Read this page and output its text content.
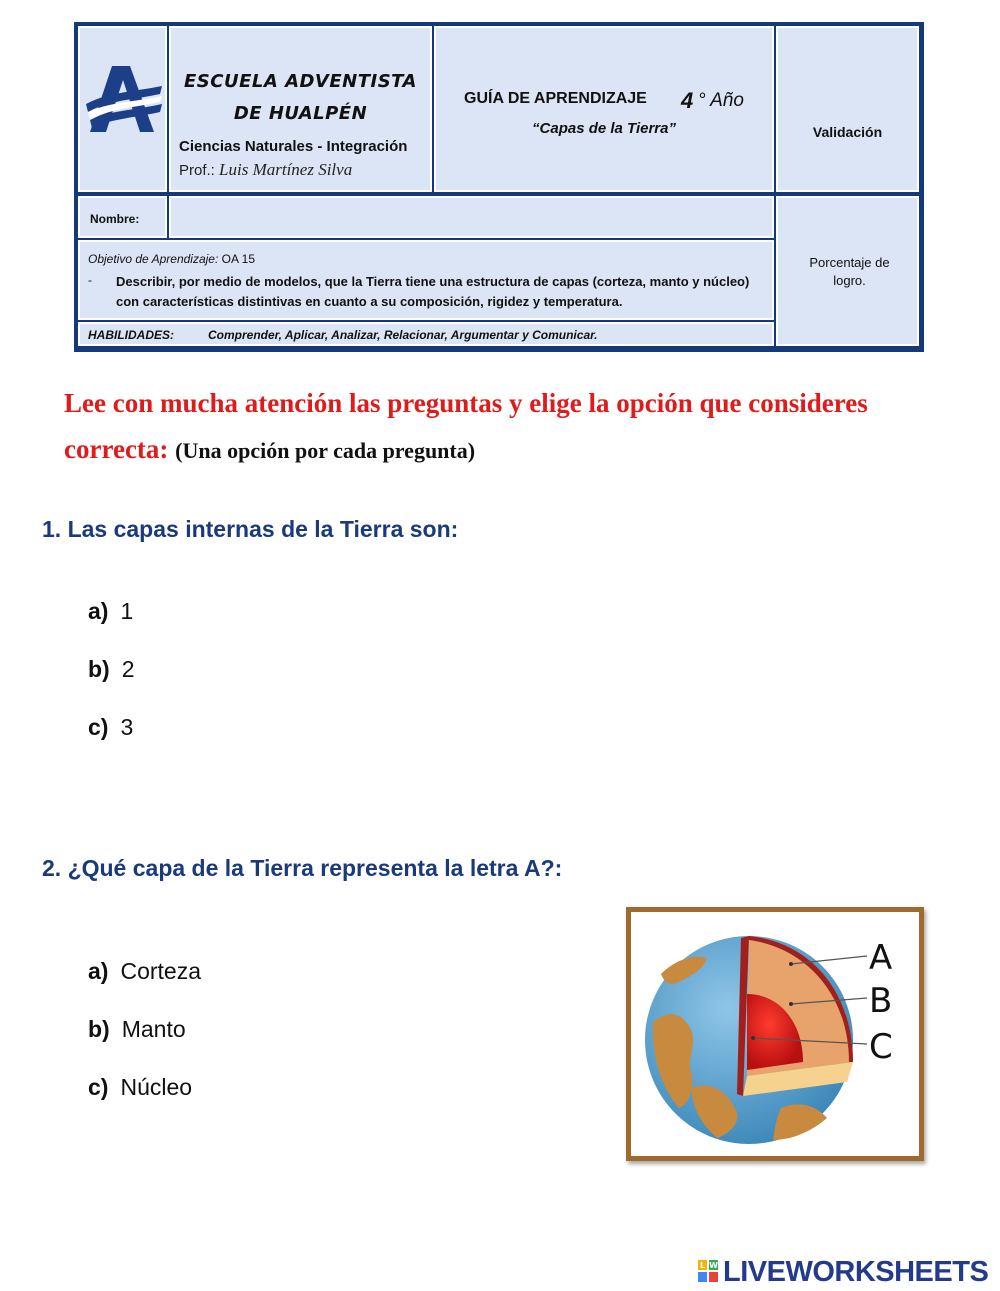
ESCUELA ADVENTISTA
DE HUALPÉN
Ciencias Naturales - Integración
Prof.: Luis Martínez Silva
GUÍA DE APRENDIZAJE 4 ° Año
“Capas de la Tierra”	Validación
Nombre:
Porcentaje de
logro.
Objetivo de Aprendizaje: OA 15
- Describir, por medio de modelos, que la Tierra tiene una estructura de capas (corteza, manto y núcleo) con características distintivas en cuanto a su composición, rigidez y temperatura.
HABILIDADES:	Comprender, Aplicar, Analizar, Relacionar, Argumentar y Comunicar.
Lee con mucha atención las preguntas y elige la opción que consideres correcta: (Una opción por cada pregunta)
1. Las capas internas de la Tierra son:
a) 1
b) 2
c) 3
2. ¿Qué capa de la Tierra representa la letra A?:
a) Corteza
b) Manto
c) Núcleo
A
B
C
L W LIVEWORKSHEETS
